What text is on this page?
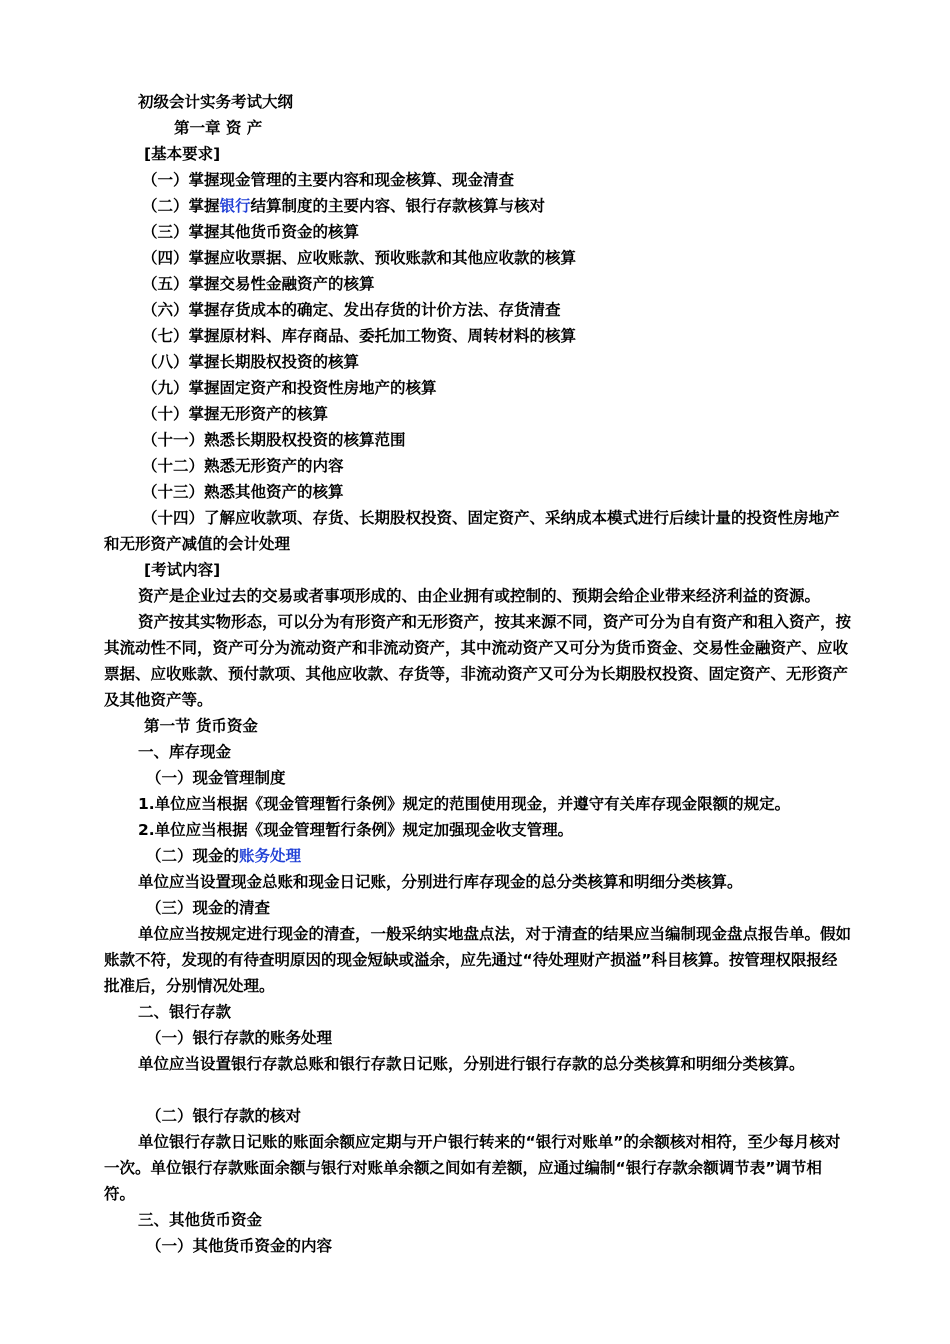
初级会计实务考试大纲

第一章 资 产

[基本要求]

（一）掌握现金管理的主要内容和现金核算、现金清查

（二）掌握银行结算制度的主要内容、银行存款核算与核对

（三）掌握其他货币资金的核算

（四）掌握应收票据、应收账款、预收账款和其他应收款的核算

（五）掌握交易性金融资产的核算

（六）掌握存货成本的确定、发出存货的计价方法、存货清查

（七）掌握原材料、库存商品、委托加工物资、周转材料的核算

（八）掌握长期股权投资的核算

（九）掌握固定资产和投资性房地产的核算

（十）掌握无形资产的核算

（十一）熟悉长期股权投资的核算范围

（十二）熟悉无形资产的内容

（十三）熟悉其他资产的核算

（十四）了解应收款项、存货、长期股权投资、固定资产、采纳成本模式进行后续计量的投资性房地产和无形资产减值的会计处理

[考试内容]

资产是企业过去的交易或者事项形成的、由企业拥有或控制的、预期会给企业带来经济利益的资源。

资产按其实物形态，可以分为有形资产和无形资产，按其来源不同，资产可分为自有资产和租入资产，按其流动性不同，资产可分为流动资产和非流动资产，其中流动资产又可分为货币资金、交易性金融资产、应收票据、应收账款、预付款项、其他应收款、存货等，非流动资产又可分为长期股权投资、固定资产、无形资产及其他资产等。

第一节 货币资金

一、库存现金

（一）现金管理制度

1.单位应当根据《现金管理暂行条例》规定的范围使用现金，并遵守有关库存现金限额的规定。

2.单位应当根据《现金管理暂行条例》规定加强现金收支管理。

（二）现金的账务处理

单位应当设置现金总账和现金日记账，分别进行库存现金的总分类核算和明细分类核算。

（三）现金的清查

单位应当按规定进行现金的清查，一般采纳实地盘点法，对于清查的结果应当编制现金盘点报告单。假如账款不符，发现的有待查明原因的现金短缺或溢余，应先通过“待处理财产损溢”科目核算。按管理权限报经批准后，分别情况处理。

二、银行存款

（一）银行存款的账务处理

单位应当设置银行存款总账和银行存款日记账，分别进行银行存款的总分类核算和明细分类核算。

（二）银行存款的核对

单位银行存款日记账的账面余额应定期与开户银行转来的“银行对账单”的余额核对相符，至少每月核对一次。单位银行存款账面余额与银行对账单余额之间如有差额，应通过编制“银行存款余额调节表”调节相符。

三、其他货币资金

（一）其他货币资金的内容
